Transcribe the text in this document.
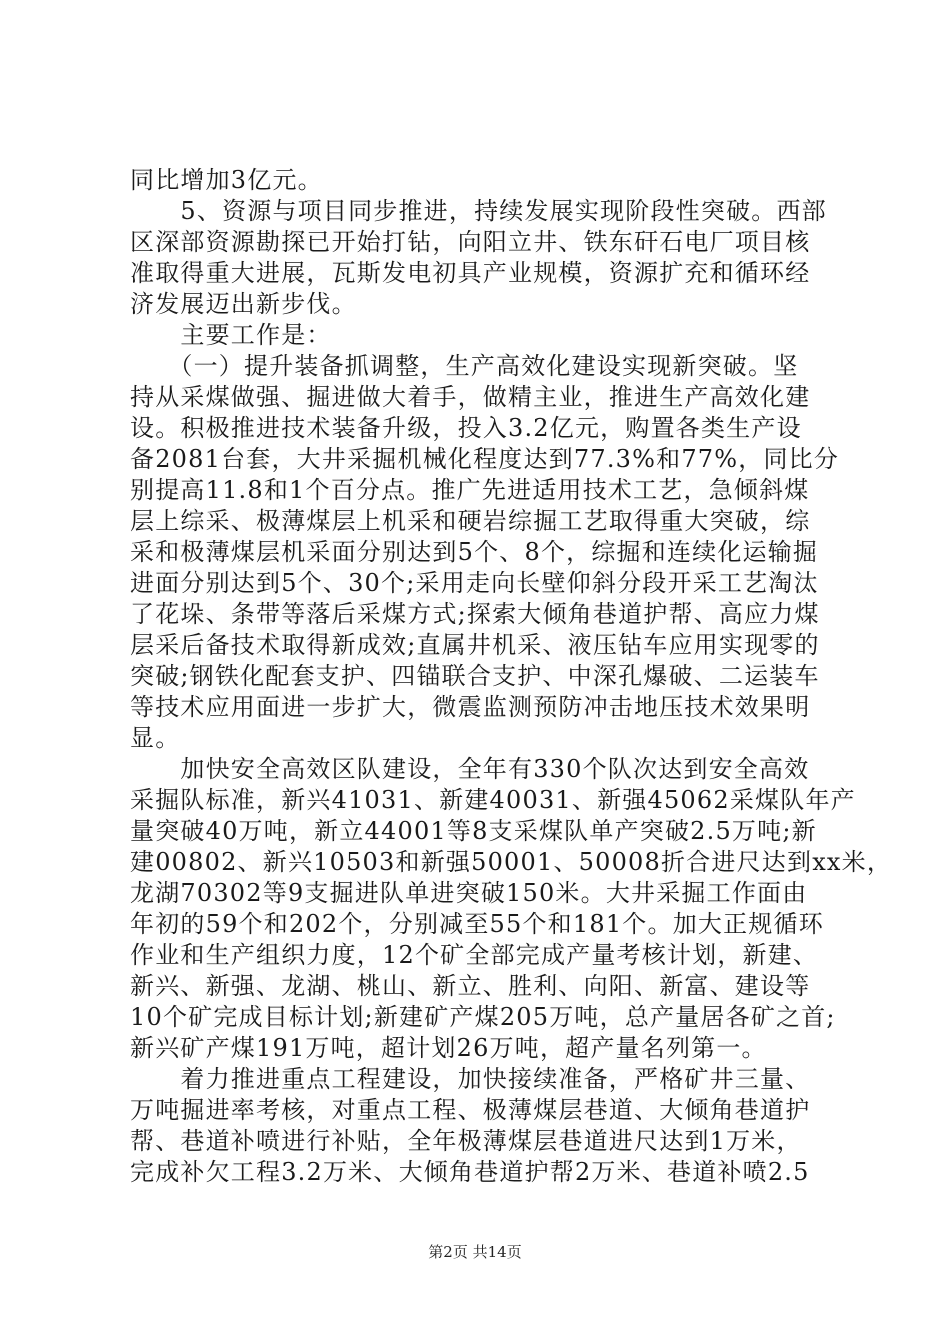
同比增加3亿元。
　　5、资源与项目同步推进，持续发展实现阶段性突破。西部
区深部资源勘探已开始打钻，向阳立井、铁东矸石电厂项目核
准取得重大进展，瓦斯发电初具产业规模，资源扩充和循环经
济发展迈出新步伐。
　　主要工作是：
　　（一）提升装备抓调整，生产高效化建设实现新突破。坚
持从采煤做强、掘进做大着手，做精主业，推进生产高效化建
设。积极推进技术装备升级，投入3.2亿元，购置各类生产设
备2081台套，大井采掘机械化程度达到77.3%和77%，同比分
别提高11.8和1个百分点。推广先进适用技术工艺，急倾斜煤
层上综采、极薄煤层上机采和硬岩综掘工艺取得重大突破，综
采和极薄煤层机采面分别达到5个、8个，综掘和连续化运输掘
进面分别达到5个、30个;采用走向长壁仰斜分段开采工艺淘汰
了花垛、条带等落后采煤方式;探索大倾角巷道护帮、高应力煤
层采后备技术取得新成效;直属井机采、液压钻车应用实现零的
突破;钢铁化配套支护、四锚联合支护、中深孔爆破、二运装车
等技术应用面进一步扩大，微震监测预防冲击地压技术效果明
显。
　　加快安全高效区队建设，全年有330个队次达到安全高效
采掘队标准，新兴41031、新建40031、新强45062采煤队年产
量突破40万吨，新立44001等8支采煤队单产突破2.5万吨;新
建00802、新兴10503和新强50001、50008折合进尺达到xx米，
龙湖70302等9支掘进队单进突破150米。大井采掘工作面由
年初的59个和202个，分别减至55个和181个。加大正规循环
作业和生产组织力度，12个矿全部完成产量考核计划，新建、
新兴、新强、龙湖、桃山、新立、胜利、向阳、新富、建设等
10个矿完成目标计划;新建矿产煤205万吨，总产量居各矿之首;
新兴矿产煤191万吨，超计划26万吨，超产量名列第一。
　　着力推进重点工程建设，加快接续准备，严格矿井三量、
万吨掘进率考核，对重点工程、极薄煤层巷道、大倾角巷道护
帮、巷道补喷进行补贴，全年极薄煤层巷道进尺达到1万米，
完成补欠工程3.2万米、大倾角巷道护帮2万米、巷道补喷2.5
第2页 共14页
